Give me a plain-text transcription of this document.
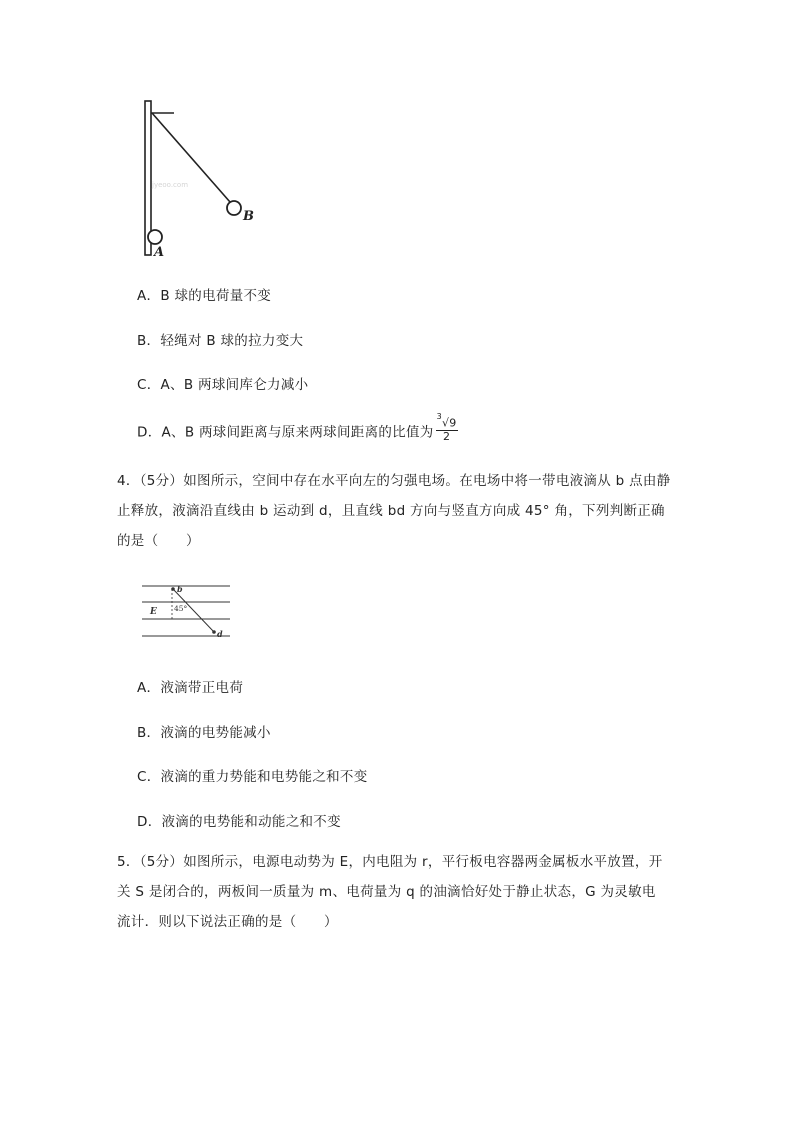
B
A
jyeoo.com
A．B 球的电荷量不变
B．轻绳对 B 球的拉力变大
C．A、B 两球间库仑力减小
D．A、B 两球间距离与原来两球间距离的比值为 $\frac{^3√9}{2}$
4．（5分）如图所示，空间中存在水平向左的匀强电场。在电场中将一带电液滴从 b 点由静
止释放，液滴沿直线由 b 运动到 d，且直线 bd 方向与竖直方向成 45° 角，下列判断正确
的是（　　）
b
d
E 45°
A．液滴带正电荷
B．液滴的电势能减小
C．液滴的重力势能和电势能之和不变
D．液滴的电势能和动能之和不变
5．（5分）如图所示，电源电动势为 E，内电阻为 r，平行板电容器两金属板水平放置，开
关 S 是闭合的，两板间一质量为 m、电荷量为 q 的油滴恰好处于静止状态，G 为灵敏电
流计．则以下说法正确的是（　　）
